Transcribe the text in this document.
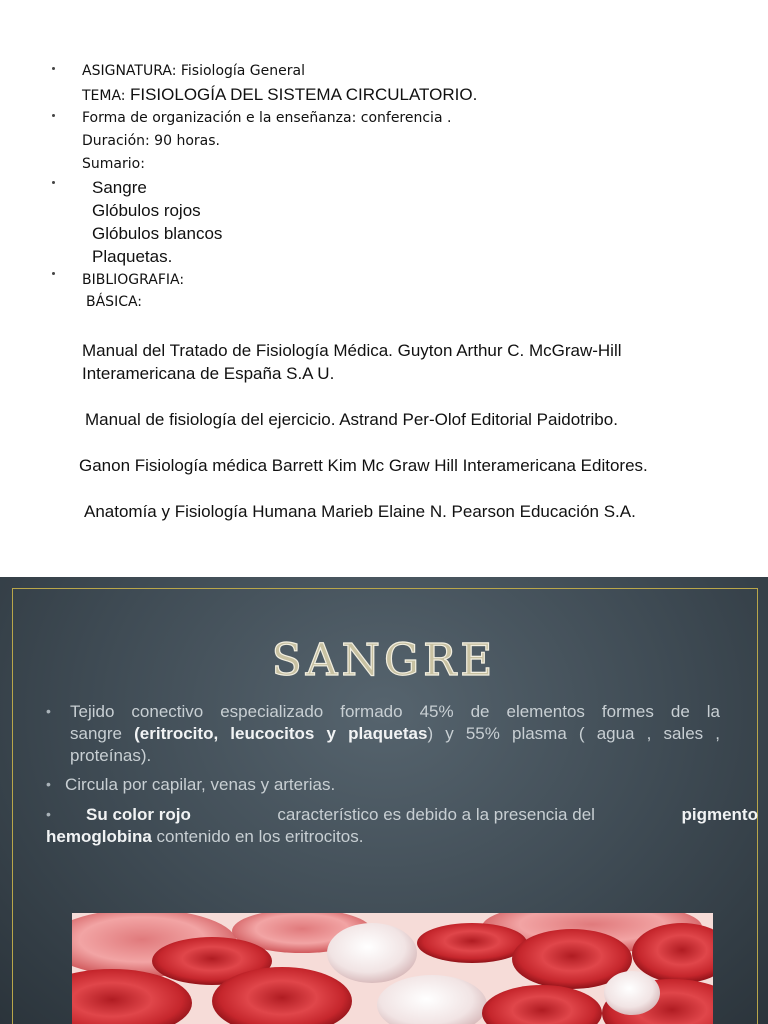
ASIGNATURA: Fisiología General
TEMA: FISIOLOGÍA DEL SISTEMA CIRCULATORIO.
Forma de organización e la enseñanza: conferencia .
Duración: 90 horas.
Sumario:
Sangre
Glóbulos rojos
Glóbulos blancos
Plaquetas.
BIBLIOGRAFIA:
BÁSICA:
Manual del Tratado de Fisiología Médica. Guyton Arthur C. McGraw-Hill
Interamericana de España S.A U.
Manual de fisiología del ejercicio. Astrand Per-Olof Editorial Paidotribo.
Ganon Fisiología médica Barrett Kim Mc Graw Hill Interamericana Editores.
Anatomía y Fisiología Humana Marieb Elaine N. Pearson Educación S.A.
SANGRE
• Tejido conectivo especializado formado 45% de elementos formes de la
sangre (eritrocito, leucocitos y plaquetas) y 55% plasma ( agua , sales ,
proteínas).
• Circula por capilar, venas y arterias.
• Su color rojo	característico es debido a la presencia del	pigmento
hemoglobina contenido en los eritrocitos.
